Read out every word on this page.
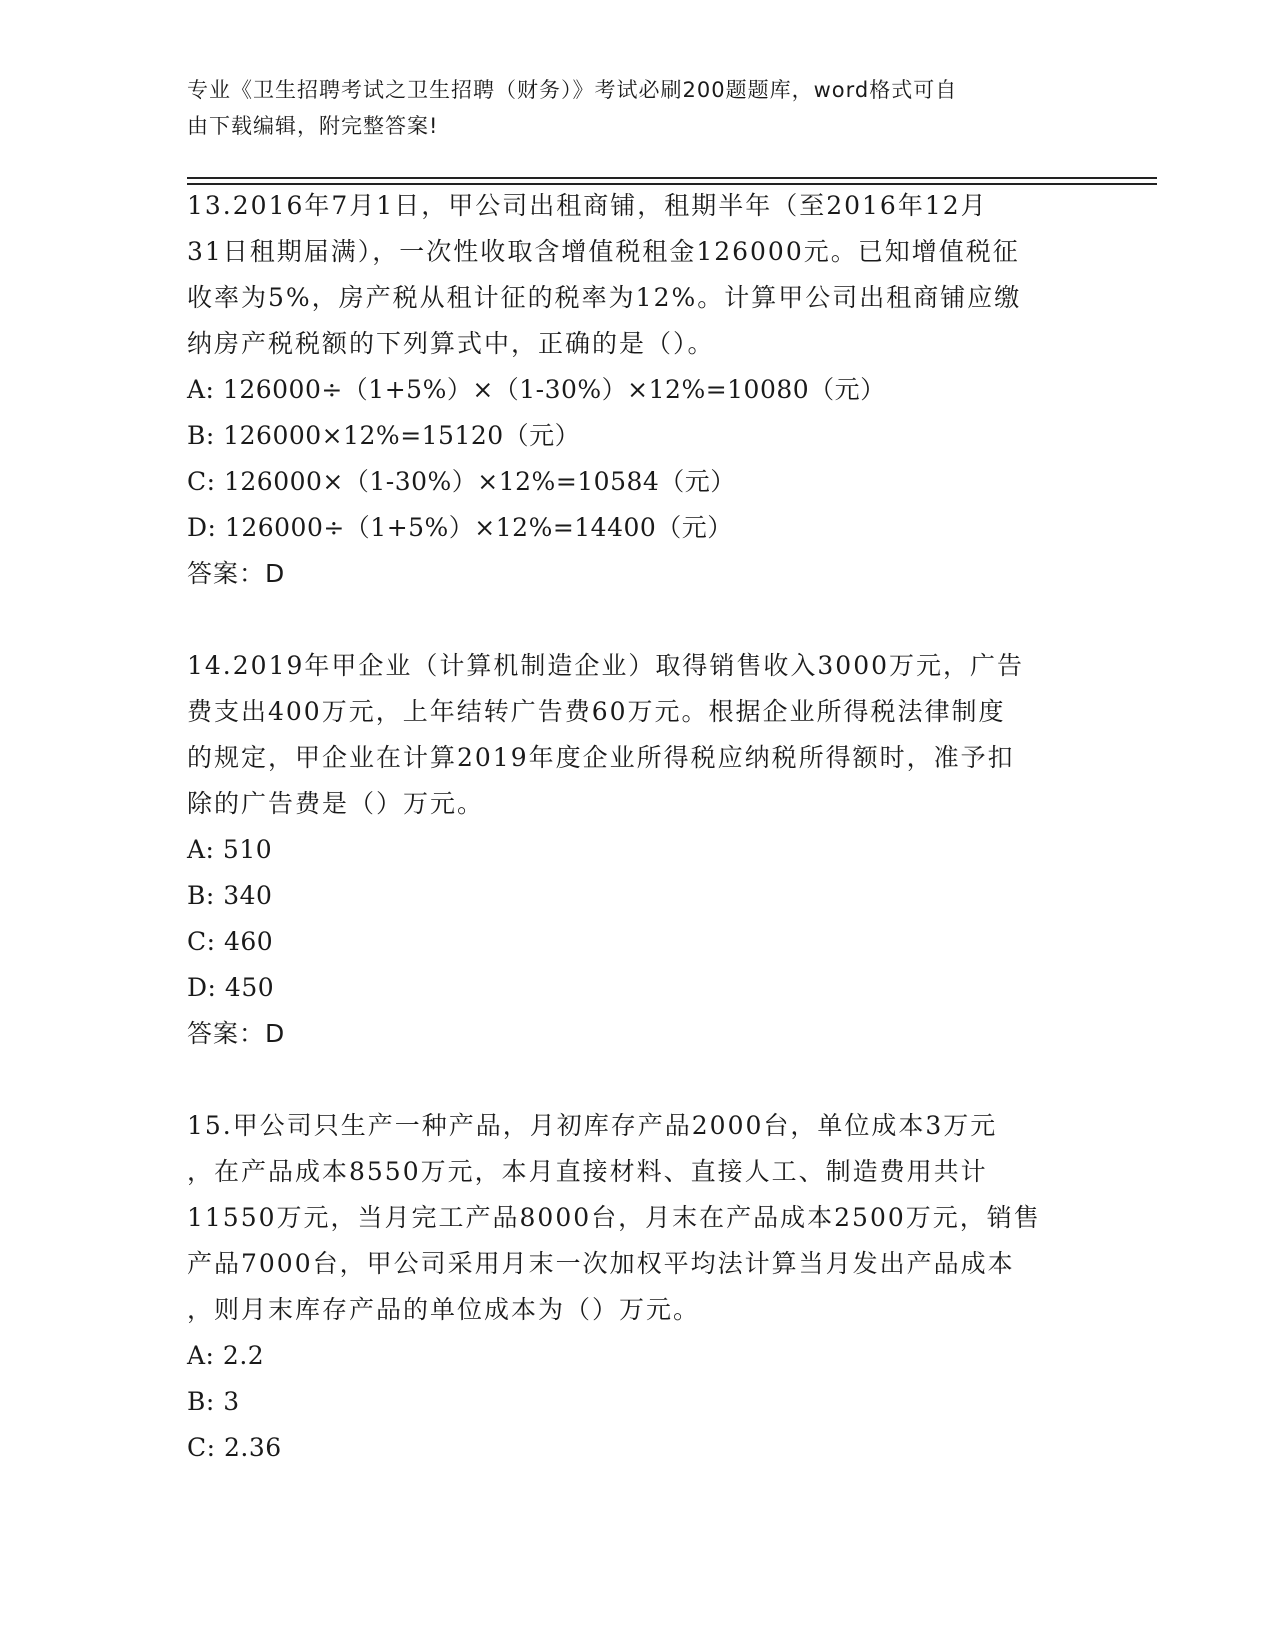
专业《卫生招聘考试之卫生招聘（财务）》考试必刷200题题库，word格式可自
由下载编辑，附完整答案!
13.2016年7月1日，甲公司出租商铺，租期半年（至2016年12月
31日租期届满），一次性收取含增值税租金126000元。已知增值税征
收率为5%，房产税从租计征的税率为12%。计算甲公司出租商铺应缴
纳房产税税额的下列算式中，正确的是（）。
A: 126000÷（1+5%）×（1-30%）×12%=10080（元）
B: 126000×12%=15120（元）
C: 126000×（1-30%）×12%=10584（元）
D: 126000÷（1+5%）×12%=14400（元）
答案：D
14.2019年甲企业（计算机制造企业）取得销售收入3000万元，广告
费支出400万元，上年结转广告费60万元。根据企业所得税法律制度
的规定，甲企业在计算2019年度企业所得税应纳税所得额时，准予扣
除的广告费是（）万元。
A: 510
B: 340
C: 460
D: 450
答案：D
15.甲公司只生产一种产品，月初库存产品2000台，单位成本3万元
，在产品成本8550万元，本月直接材料、直接人工、制造费用共计
11550万元，当月完工产品8000台，月末在产品成本2500万元，销售
产品7000台，甲公司采用月末一次加权平均法计算当月发出产品成本
，则月末库存产品的单位成本为（）万元。
A: 2.2
B: 3
C: 2.36
